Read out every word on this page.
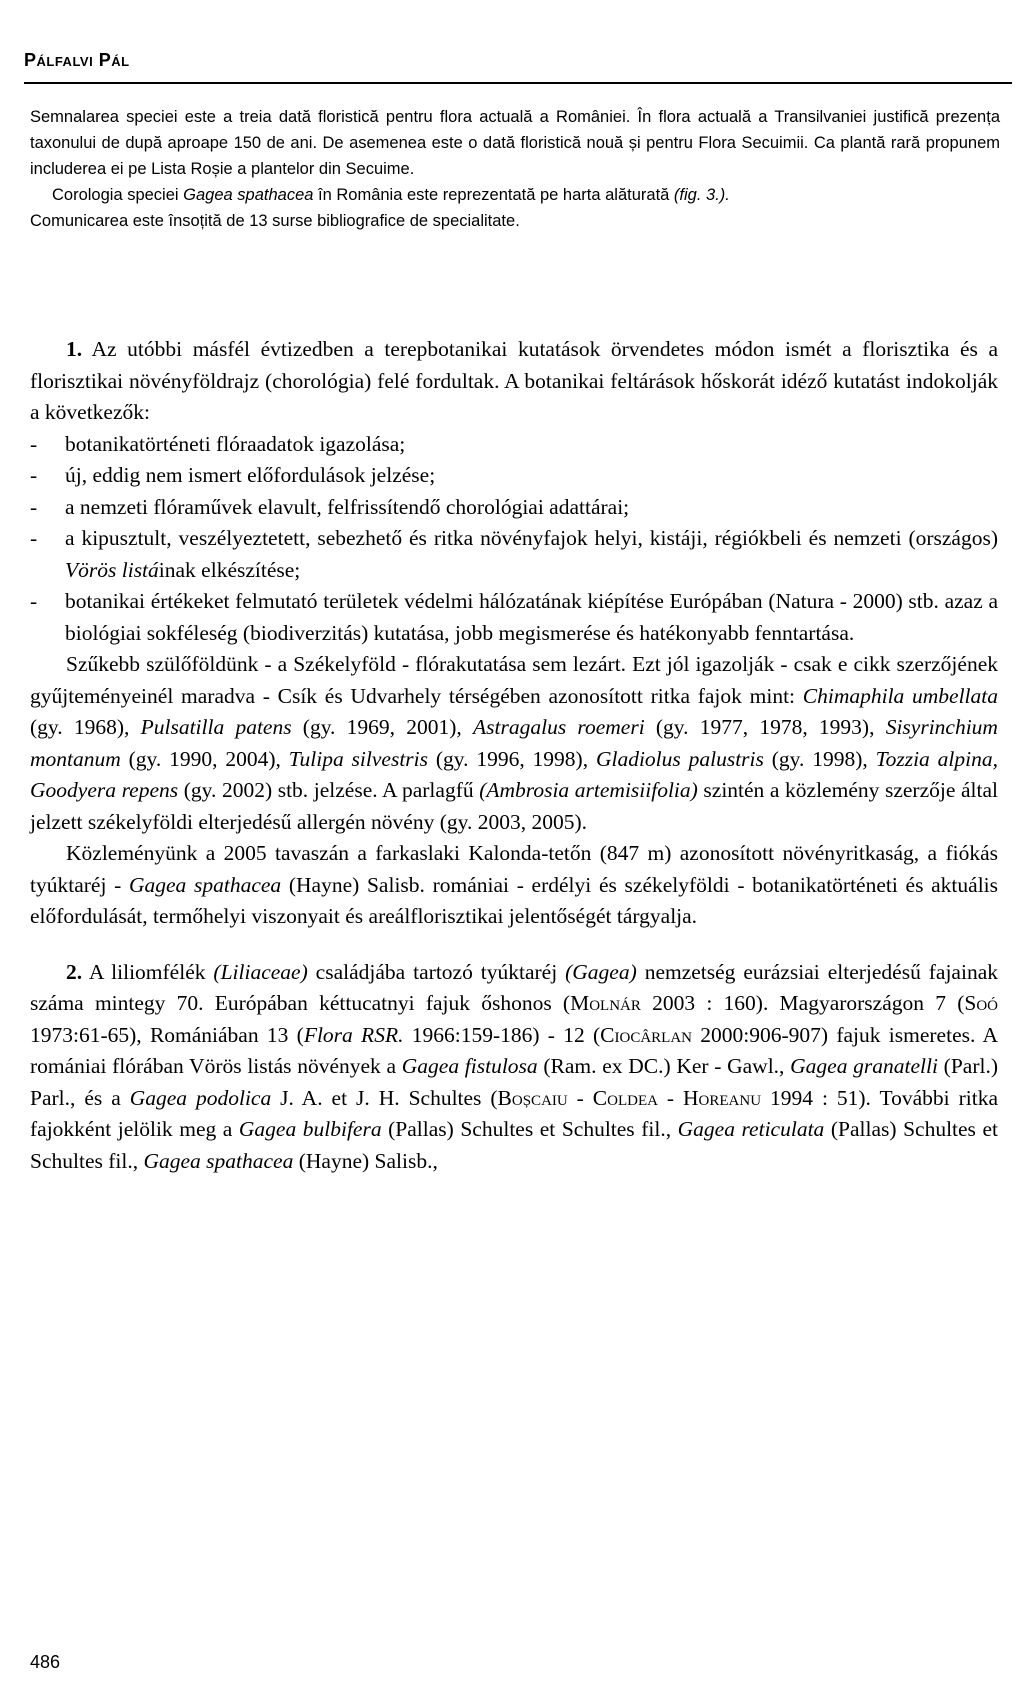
Pálfalvi Pál

Semnalarea speciei este a treia dată floristică pentru flora actuală a României. În flora actuală a Transilvaniei justifică prezența taxonului de după aproape 150 de ani. De asemenea este o dată floristică nouă și pentru Flora Secuimii. Ca plantă rară propunem includerea ei pe Lista Roșie a plantelor din Secuime.

Corologia speciei Gagea spathacea în România este reprezentată pe harta alăturată (fig. 3.).

Comunicarea este însoțită de 13 surse bibliografice de specialitate.

1. Az utóbbi másfél évtizedben a terepbotanikai kutatások örvendetes módon ismét a florisztika és a florisztikai növényföldrajz (chorológia) felé fordultak. A botanikai feltárások hőskorát idéző kutatást indokolják a következők:

- botanikatörténeti flóraadatok igazolása;
- új, eddig nem ismert előfordulások jelzése;
- a nemzeti flóraművek elavult, felfrissítendő chorológiai adattárai;
- a kipusztult, veszélyeztetett, sebezhető és ritka növényfajok helyi, kistáji, régiókbeli és nemzeti (országos) Vörös listáinak elkészítése;
- botanikai értékeket felmutató területek védelmi hálózatának kiépítése Európában (Natura - 2000) stb. azaz a biológiai sokféleség (biodiverzitás) kutatása, jobb megismerése és hatékonyabb fenntartása.

Szűkebb szülőföldünk - a Székelyföld - flórakutatása sem lezárt. Ezt jól igazolják - csak e cikk szerzőjének gyűjteményeinél maradva - Csík és Udvarhely térségében azonosított ritka fajok mint: Chimaphila umbellata (gy. 1968), Pulsatilla patens (gy. 1969, 2001), Astragalus roemeri (gy. 1977, 1978, 1993), Sisyrinchium montanum (gy. 1990, 2004), Tulipa silvestris (gy. 1996, 1998), Gladiolus palustris (gy. 1998), Tozzia alpina, Goodyera repens (gy. 2002) stb. jelzése. A parlagfű (Ambrosia artemisiifolia) szintén a közlemény szerzője által jelzett székelyföldi elterjedésű allergén növény (gy. 2003, 2005).

Közleményünk a 2005 tavaszán a farkaslaki Kalonda-tetőn (847 m) azonosított növényritkaság, a fiókás tyúktaréj - Gagea spathacea (Hayne) Salisb. romániai - erdélyi és székelyföldi - botanikatörténeti és aktuális előfordulását, termőhelyi viszonyait és areálflorisztikai jelentőségét tárgyalja.

2. A liliomfélék (Liliaceae) családjába tartozó tyúktaréj (Gagea) nemzetség eurázsiai elterjedésű fajainak száma mintegy 70. Európában kéttucatnyi fajuk őshonos (Molnár 2003 : 160). Magyarországon 7 (Soó 1973:61-65), Romániában 13 (Flora RSR. 1966:159-186) - 12 (Ciocârlan 2000:906-907) fajuk ismeretes. A romániai flórában Vörös listás növények a Gagea fistulosa (Ram. ex DC.) Ker - Gawl., Gagea granatelli (Parl.) Parl., és a Gagea podolica J. A. et J. H. Schultes (Boșcaiu - Coldea - Horeanu 1994 : 51). További ritka fajokként jelölik meg a Gagea bulbifera (Pallas) Schultes et Schultes fil., Gagea reticulata (Pallas) Schultes et Schultes fil., Gagea spathacea (Hayne) Salisb.,

486
